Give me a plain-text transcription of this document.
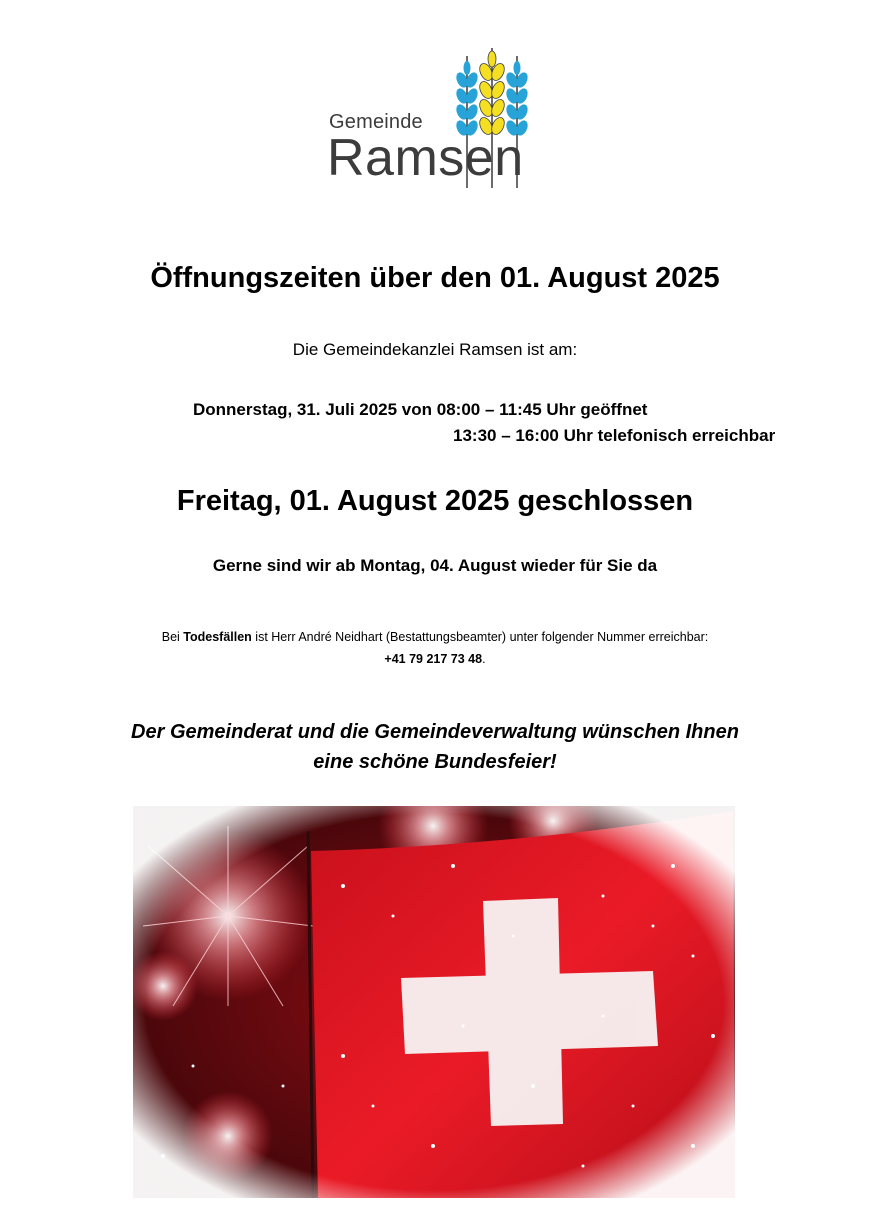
Gemeinde
Ramsen
Öffnungszeiten über den 01. August 2025
Die Gemeindekanzlei Ramsen ist am:
Donnerstag, 31. Juli 2025 von 08:00 – 11:45 Uhr geöffnet
13:30 – 16:00 Uhr telefonisch erreichbar
Freitag, 01. August 2025 geschlossen
Gerne sind wir ab Montag, 04. August wieder für Sie da
Bei Todesfällen ist Herr André Neidhart (Bestattungsbeamter) unter folgender Nummer erreichbar:
+41 79 217 73 48.
Der Gemeinderat und die Gemeindeverwaltung wünschen Ihnen
eine schöne Bundesfeier!
